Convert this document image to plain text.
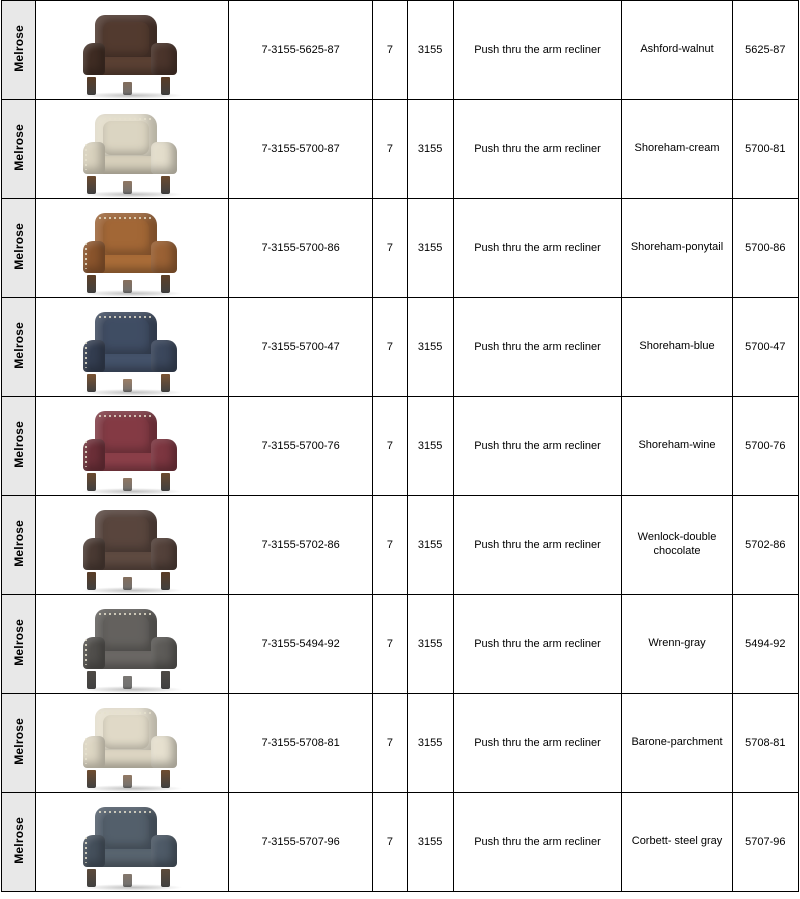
Melrose		7-3155-5625-87	7	3155	Push thru the arm recliner	Ashford-walnut	5625-87
Melrose		7-3155-5700-87	7	3155	Push thru the arm recliner	Shoreham-cream	5700-81
Melrose		7-3155-5700-86	7	3155	Push thru the arm recliner	Shoreham-ponytail	5700-86
Melrose		7-3155-5700-47	7	3155	Push thru the arm recliner	Shoreham-blue	5700-47
Melrose		7-3155-5700-76	7	3155	Push thru the arm recliner	Shoreham-wine	5700-76
Melrose		7-3155-5702-86	7	3155	Push thru the arm recliner	Wenlock-double chocolate	5702-86
Melrose		7-3155-5494-92	7	3155	Push thru the arm recliner	Wrenn-gray	5494-92
Melrose		7-3155-5708-81	7	3155	Push thru the arm recliner	Barone-parchment	5708-81
Melrose		7-3155-5707-96	7	3155	Push thru the arm recliner	Corbett- steel gray	5707-96
